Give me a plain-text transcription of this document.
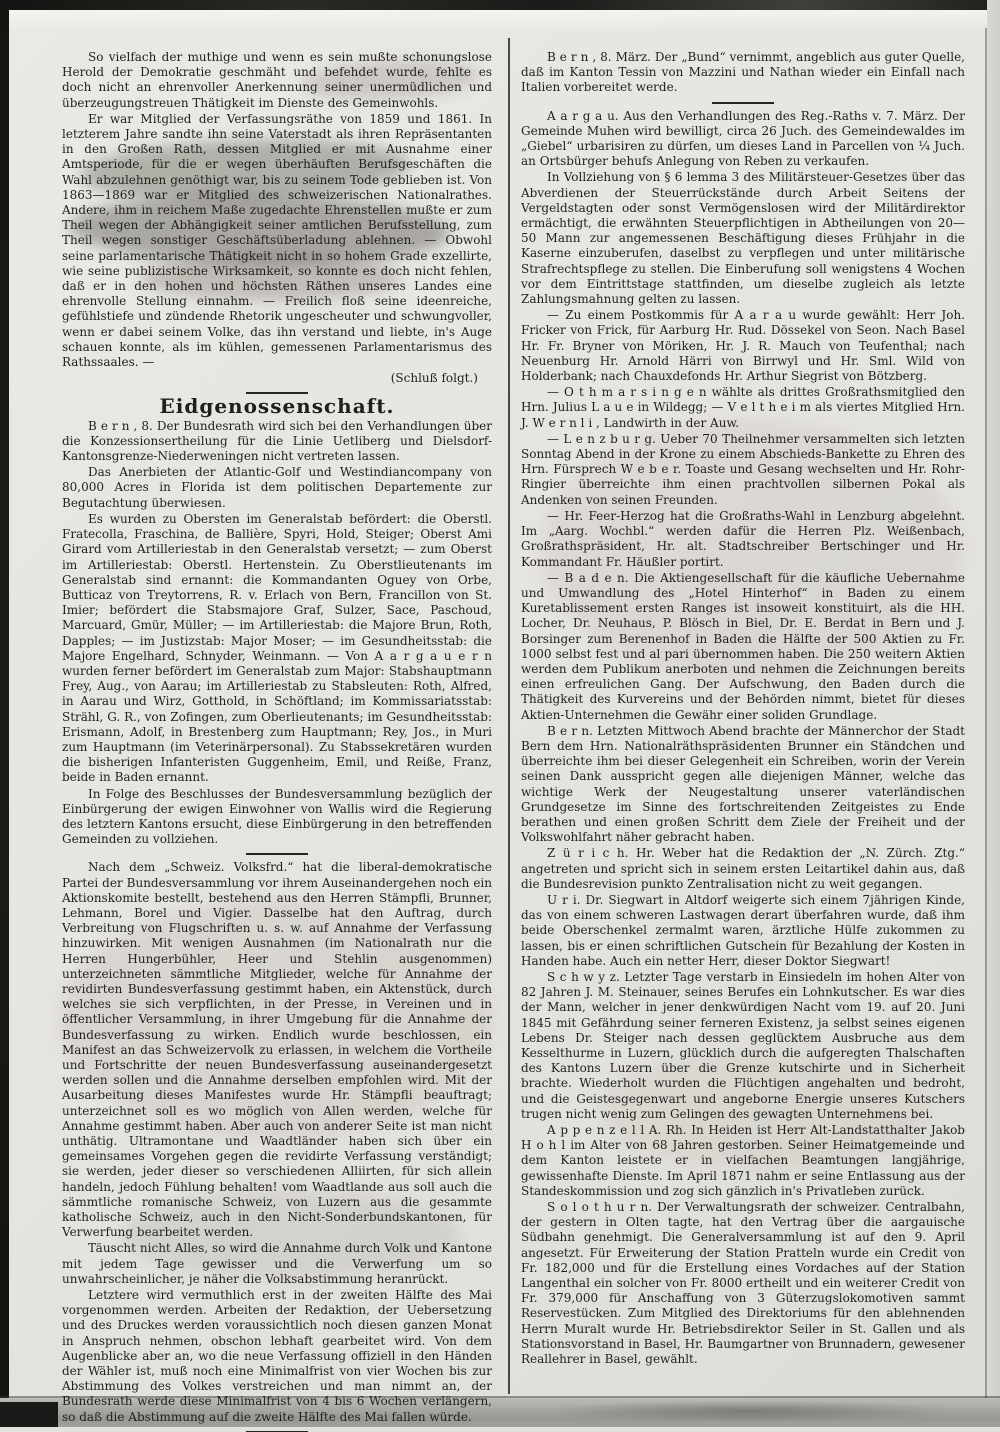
So vielfach der muthige und wenn es sein mußte schonungslose Herold der Demokratie geschmäht und befehdet wurde, fehlte es doch nicht an ehrenvoller Anerkennung seiner unermüdlichen und überzeugungstreuen Thätigkeit im Dienste des Gemeinwohls.

Er war Mitglied der Verfassungsräthe von 1859 und 1861. In letzterem Jahre sandte ihn seine Vaterstadt als ihren Repräsentanten in den Großen Rath, dessen Mitglied er mit Ausnahme einer Amtsperiode, für die er wegen überhäuften Berufsgeschäften die Wahl abzulehnen genöthigt war, bis zu seinem Tode geblieben ist. Von 1863—1869 war er Mitglied des schweizerischen Nationalrathes. Andere, ihm in reichem Maße zugedachte Ehrenstellen mußte er zum Theil wegen der Abhängigkeit seiner amtlichen Berufsstellung, zum Theil wegen sonstiger Geschäftsüberladung ablehnen. — Obwohl seine parlamentarische Thätigkeit nicht in so hohem Grade exzellirte, wie seine publizistische Wirksamkeit, so konnte es doch nicht fehlen, daß er in den hohen und höchsten Räthen unseres Landes eine ehrenvolle Stellung einnahm. — Freilich floß seine ideenreiche, gefühlstiefe und zündende Rhetorik ungescheuter und schwungvoller, wenn er dabei seinem Volke, das ihn verstand und liebte, in's Auge schauen konnte, als im kühlen, gemessenen Parlamentarismus des Rathssaales. —

(Schluß folgt.)

Eidgenossenschaft.

B e r n , 8. Der Bundesrath wird sich bei den Verhandlungen über die Konzessionsertheilung für die Linie Uetliberg und Dielsdorf-Kantonsgrenze-Niederweningen nicht vertreten lassen.

Das Anerbieten der Atlantic-Golf und Westindiancompany von 80,000 Acres in Florida ist dem politischen Departemente zur Begutachtung überwiesen.

Es wurden zu Obersten im Generalstab befördert: die Oberstl. Fratecolla, Fraschina, de Ballière, Spyri, Hold, Steiger; Oberst Ami Girard vom Artilleriestab in den Generalstab versetzt; — zum Oberst im Artilleriestab: Oberstl. Hertenstein. Zu Oberstlieutenants im Generalstab sind ernannt: die Kommandanten Oguey von Orbe, Butticaz von Treytorrens, R. v. Erlach von Bern, Francillon von St. Imier; befördert die Stabsmajore Graf, Sulzer, Sace, Paschoud, Marcuard, Gmür, Müller; — im Artilleriestab: die Majore Brun, Roth, Dapples; — im Justizstab: Major Moser; — im Gesundheitsstab: die Majore Engelhard, Schnyder, Weinmann. — Von A a r g a u e r n wurden ferner befördert im Generalstab zum Major: Stabshauptmann Frey, Aug., von Aarau; im Artilleriestab zu Stabsleuten: Roth, Alfred, in Aarau und Wirz, Gotthold, in Schöftland; im Kommissariatsstab: Strähl, G. R., von Zofingen, zum Oberlieutenants; im Gesundheitsstab: Erismann, Adolf, in Brestenberg zum Hauptmann; Rey, Jos., in Muri zum Hauptmann (im Veterinärpersonal). Zu Stabssekretären wurden die bisherigen Infanteristen Guggenheim, Emil, und Reiße, Franz, beide in Baden ernannt.

In Folge des Beschlusses der Bundesversammlung bezüglich der Einbürgerung der ewigen Einwohner von Wallis wird die Regierung des letztern Kantons ersucht, diese Einbürgerung in den betreffenden Gemeinden zu vollziehen.

Nach dem „Schweiz. Volksfrd.“ hat die liberal-demokratische Partei der Bundesversammlung vor ihrem Auseinandergehen noch ein Aktionskomite bestellt, bestehend aus den Herren Stämpfli, Brunner, Lehmann, Borel und Vigier. Dasselbe hat den Auftrag, durch Verbreitung von Flugschriften u. s. w. auf Annahme der Verfassung hinzuwirken. Mit wenigen Ausnahmen (im Nationalrath nur die Herren Hungerbühler, Heer und Stehlin ausgenommen) unterzeichneten sämmtliche Mitglieder, welche für Annahme der revidirten Bundesverfassung gestimmt haben, ein Aktenstück, durch welches sie sich verpflichten, in der Presse, in Vereinen und in öffentlicher Versammlung, in ihrer Umgebung für die Annahme der Bundesverfassung zu wirken. Endlich wurde beschlossen, ein Manifest an das Schweizervolk zu erlassen, in welchem die Vortheile und Fortschritte der neuen Bundesverfassung auseinandergesetzt werden sollen und die Annahme derselben empfohlen wird. Mit der Ausarbeitung dieses Manifestes wurde Hr. Stämpfli beauftragt; unterzeichnet soll es wo möglich von Allen werden, welche für Annahme gestimmt haben. Aber auch von anderer Seite ist man nicht unthätig. Ultramontane und Waadtländer haben sich über ein gemeinsames Vorgehen gegen die revidirte Verfassung verständigt; sie werden, jeder dieser so verschiedenen Alliirten, für sich allein handeln, jedoch Fühlung behalten! vom Waadtlande aus soll auch die sämmtliche romanische Schweiz, von Luzern aus die gesammte katholische Schweiz, auch in den Nicht-Sonderbundskantonen, für Verwerfung bearbeitet werden.

Täuscht nicht Alles, so wird die Annahme durch Volk und Kantone mit jedem Tage gewisser und die Verwerfung um so unwahrscheinlicher, je näher die Volksabstimmung heranrückt.

Letztere wird vermuthlich erst in der zweiten Hälfte des Mai vorgenommen werden. Arbeiten der Redaktion, der Uebersetzung und des Druckes werden voraussichtlich noch diesen ganzen Monat in Anspruch nehmen, obschon lebhaft gearbeitet wird. Von dem Augenblicke aber an, wo die neue Verfassung offiziell in den Händen der Wähler ist, muß noch eine Minimalfrist von vier Wochen bis zur Abstimmung des Volkes verstreichen und man nimmt an, der Bundesrath werde diese Minimalfrist von 4 bis 6 Wochen verlängern, so daß die Abstimmung auf die zweite Hälfte des Mai fallen würde.

B e r n , 8. März. Der „Bund“ vernimmt, angeblich aus guter Quelle, daß im Kanton Tessin von Mazzini und Nathan wieder ein Einfall nach Italien vorbereitet werde.

A a r g a u. Aus den Verhandlungen des Reg.-Raths v. 7. März. Der Gemeinde Muhen wird bewilligt, circa 26 Juch. des Gemeindewaldes im „Giebel“ urbarisiren zu dürfen, um dieses Land in Parcellen von ¼ Juch. an Ortsbürger behufs Anlegung von Reben zu verkaufen.

In Vollziehung von § 6 lemma 3 des Militärsteuer-Gesetzes über das Abverdienen der Steuerrückstände durch Arbeit Seitens der Vergeldstagten oder sonst Vermögenslosen wird der Militärdirektor ermächtigt, die erwähnten Steuerpflichtigen in Abtheilungen von 20—50 Mann zur angemessenen Beschäftigung dieses Frühjahr in die Kaserne einzuberufen, daselbst zu verpflegen und unter militärische Strafrechtspflege zu stellen. Die Einberufung soll wenigstens 4 Wochen vor dem Eintrittstage stattfinden, um dieselbe zugleich als letzte Zahlungsmahnung gelten zu lassen.

— Zu einem Postkommis für A a r a u wurde gewählt: Herr Joh. Fricker von Frick, für Aarburg Hr. Rud. Dössekel von Seon. Nach Basel Hr. Fr. Bryner von Möriken, Hr. J. R. Mauch von Teufenthal; nach Neuenburg Hr. Arnold Härri von Birrwyl und Hr. Sml. Wild von Holderbank; nach Chauxdefonds Hr. Arthur Siegrist von Bötzberg.

— O t h m a r s i n g e n wählte als drittes Großrathsmitglied den Hrn. Julius L a u e in Wildegg; — V e l t h e i m als viertes Mitglied Hrn. J. W e r n l i , Landwirth in der Auw.

— L e n z b u r g. Ueber 70 Theilnehmer versammelten sich letzten Sonntag Abend in der Krone zu einem Abschieds-Bankette zu Ehren des Hrn. Fürsprech W e b e r. Toaste und Gesang wechselten und Hr. Rohr-Ringier überreichte ihm einen prachtvollen silbernen Pokal als Andenken von seinen Freunden.

— Hr. Feer-Herzog hat die Großraths-Wahl in Lenzburg abgelehnt. Im „Aarg. Wochbl.“ werden dafür die Herren Plz. Weißenbach, Großrathspräsident, Hr. alt. Stadtschreiber Bertschinger und Hr. Kommandant Fr. Häußler portirt.

— B a d e n. Die Aktiengesellschaft für die käufliche Uebernahme und Umwandlung des „Hotel Hinterhof“ in Baden zu einem Kuretablissement ersten Ranges ist insoweit konstituirt, als die HH. Locher, Dr. Neuhaus, P. Blösch in Biel, Dr. E. Berdat in Bern und J. Borsinger zum Berenenhof in Baden die Hälfte der 500 Aktien zu Fr. 1000 selbst fest und al pari übernommen haben. Die 250 weitern Aktien werden dem Publikum anerboten und nehmen die Zeichnungen bereits einen erfreulichen Gang. Der Aufschwung, den Baden durch die Thätigkeit des Kurvereins und der Behörden nimmt, bietet für dieses Aktien-Unternehmen die Gewähr einer soliden Grundlage.

B e r n. Letzten Mittwoch Abend brachte der Männerchor der Stadt Bern dem Hrn. Nationalräthspräsidenten Brunner ein Ständchen und überreichte ihm bei dieser Gelegenheit ein Schreiben, worin der Verein seinen Dank ausspricht gegen alle diejenigen Männer, welche das wichtige Werk der Neugestaltung unserer vaterländischen Grundgesetze im Sinne des fortschreitenden Zeitgeistes zu Ende berathen und einen großen Schritt dem Ziele der Freiheit und der Volkswohlfahrt näher gebracht haben.

Z ü r i c h. Hr. Weber hat die Redaktion der „N. Zürch. Ztg.“ angetreten und spricht sich in seinem ersten Leitartikel dahin aus, daß die Bundesrevision punkto Zentralisation nicht zu weit gegangen.

U r i. Dr. Siegwart in Altdorf weigerte sich einem 7jährigen Kinde, das von einem schweren Lastwagen derart überfahren wurde, daß ihm beide Oberschenkel zermalmt waren, ärztliche Hülfe zukommen zu lassen, bis er einen schriftlichen Gutschein für Bezahlung der Kosten in Handen habe. Auch ein netter Herr, dieser Doktor Siegwart!

S c h w y z. Letzter Tage verstarb in Einsiedeln im hohen Alter von 82 Jahren J. M. Steinauer, seines Berufes ein Lohnkutscher. Es war dies der Mann, welcher in jener denkwürdigen Nacht vom 19. auf 20. Juni 1845 mit Gefährdung seiner ferneren Existenz, ja selbst seines eigenen Lebens Dr. Steiger nach dessen geglücktem Ausbruche aus dem Kesselthurme in Luzern, glücklich durch die aufgeregten Thalschaften des Kantons Luzern über die Grenze kutschirte und in Sicherheit brachte. Wiederholt wurden die Flüchtigen angehalten und bedroht, und die Geistesgegenwart und angeborne Energie unseres Kutschers trugen nicht wenig zum Gelingen des gewagten Unternehmens bei.

A p p e n z e l l A. Rh. In Heiden ist Herr Alt-Landstatthalter Jakob H o h l im Alter von 68 Jahren gestorben. Seiner Heimatgemeinde und dem Kanton leistete er in vielfachen Beamtungen langjährige, gewissenhafte Dienste. Im April 1871 nahm er seine Entlassung aus der Standeskommission und zog sich gänzlich in's Privatleben zurück.

S o l o t h u r n. Der Verwaltungsrath der schweizer. Centralbahn, der gestern in Olten tagte, hat den Vertrag über die aargauische Südbahn genehmigt. Die Generalversammlung ist auf den 9. April angesetzt. Für Erweiterung der Station Pratteln wurde ein Credit von Fr. 182,000 und für die Erstellung eines Vordaches auf der Station Langenthal ein solcher von Fr. 8000 ertheilt und ein weiterer Credit von Fr. 379,000 für Anschaffung von 3 Güterzugslokomotiven sammt Reservestücken. Zum Mitglied des Direktoriums für den ablehnenden Herrn Muralt wurde Hr. Betriebsdirektor Seiler in St. Gallen und als Stationsvorstand in Basel, Hr. Baumgartner von Brunnadern, gewesener Reallehrer in Basel, gewählt.
